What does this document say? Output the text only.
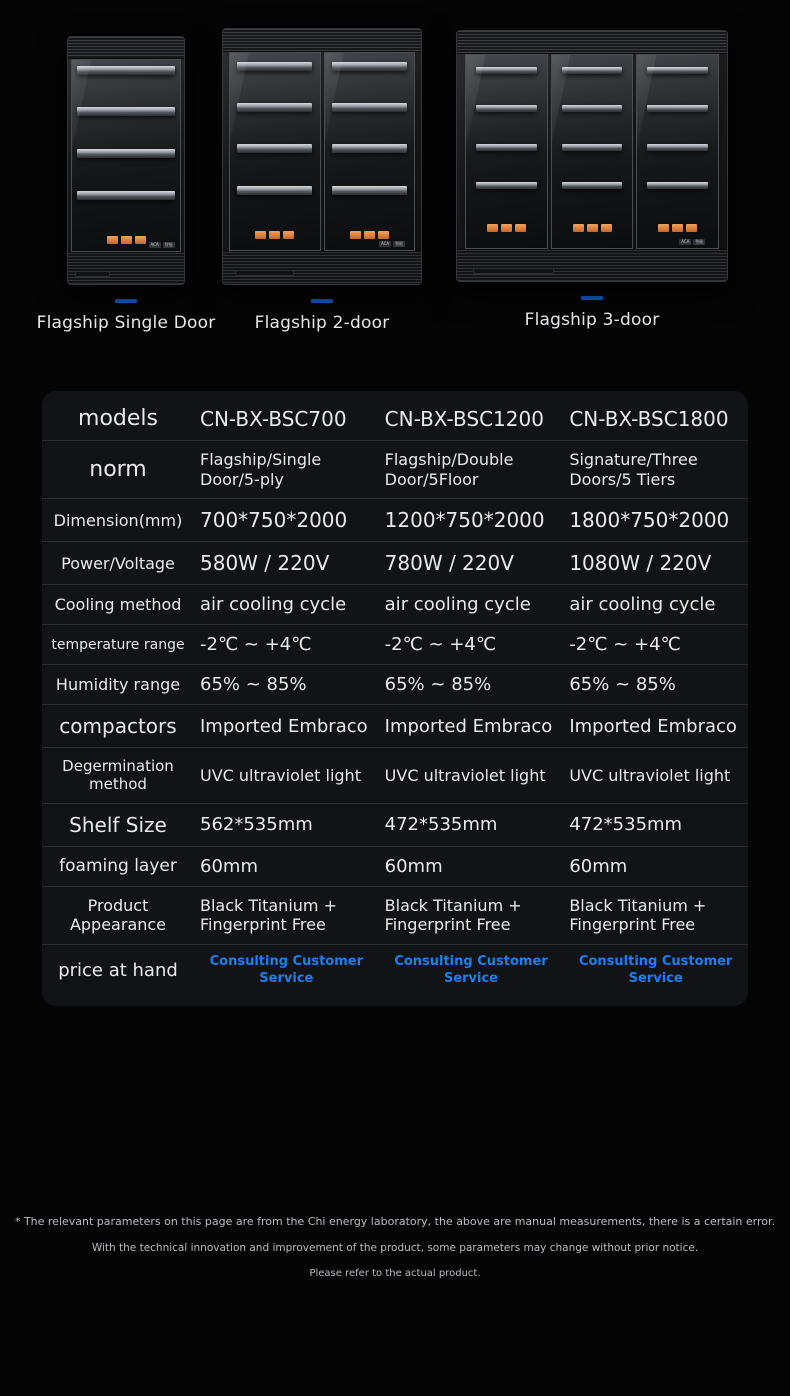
ACA	智能
Flagship Single Door
ACA	智能
Flagship 2-door
ACA	智能
Flagship 3-door
models	CN-BX-BSC700	CN-BX-BSC1200	CN-BX-BSC1800
norm	Flagship/Single Door/5-ply	Flagship/Double Door/5Floor	Signature/Three Doors/5 Tiers
Dimension(mm)	700*750*2000	1200*750*2000	1800*750*2000
Power/Voltage	580W / 220V	780W / 220V	1080W / 220V
Cooling method	air cooling cycle	air cooling cycle	air cooling cycle
temperature range	-2℃ ~ +4℃	-2℃ ~ +4℃	-2℃ ~ +4℃
Humidity range	65% ~ 85%	65% ~ 85%	65% ~ 85%
compactors	Imported Embraco	Imported Embraco	Imported Embraco
Degermination method	UVC ultraviolet light	UVC ultraviolet light	UVC ultraviolet light
Shelf Size	562*535mm	472*535mm	472*535mm
foaming layer	60mm	60mm	60mm
Product Appearance	Black Titanium + Fingerprint Free	Black Titanium + Fingerprint Free	Black Titanium + Fingerprint Free
price at hand	Consulting Customer Service	Consulting Customer Service	Consulting Customer Service

* The relevant parameters on this page are from the Chi energy laboratory, the above are manual measurements, there is a certain error.

With the technical innovation and improvement of the product, some parameters may change without prior notice.

Please refer to the actual product.
